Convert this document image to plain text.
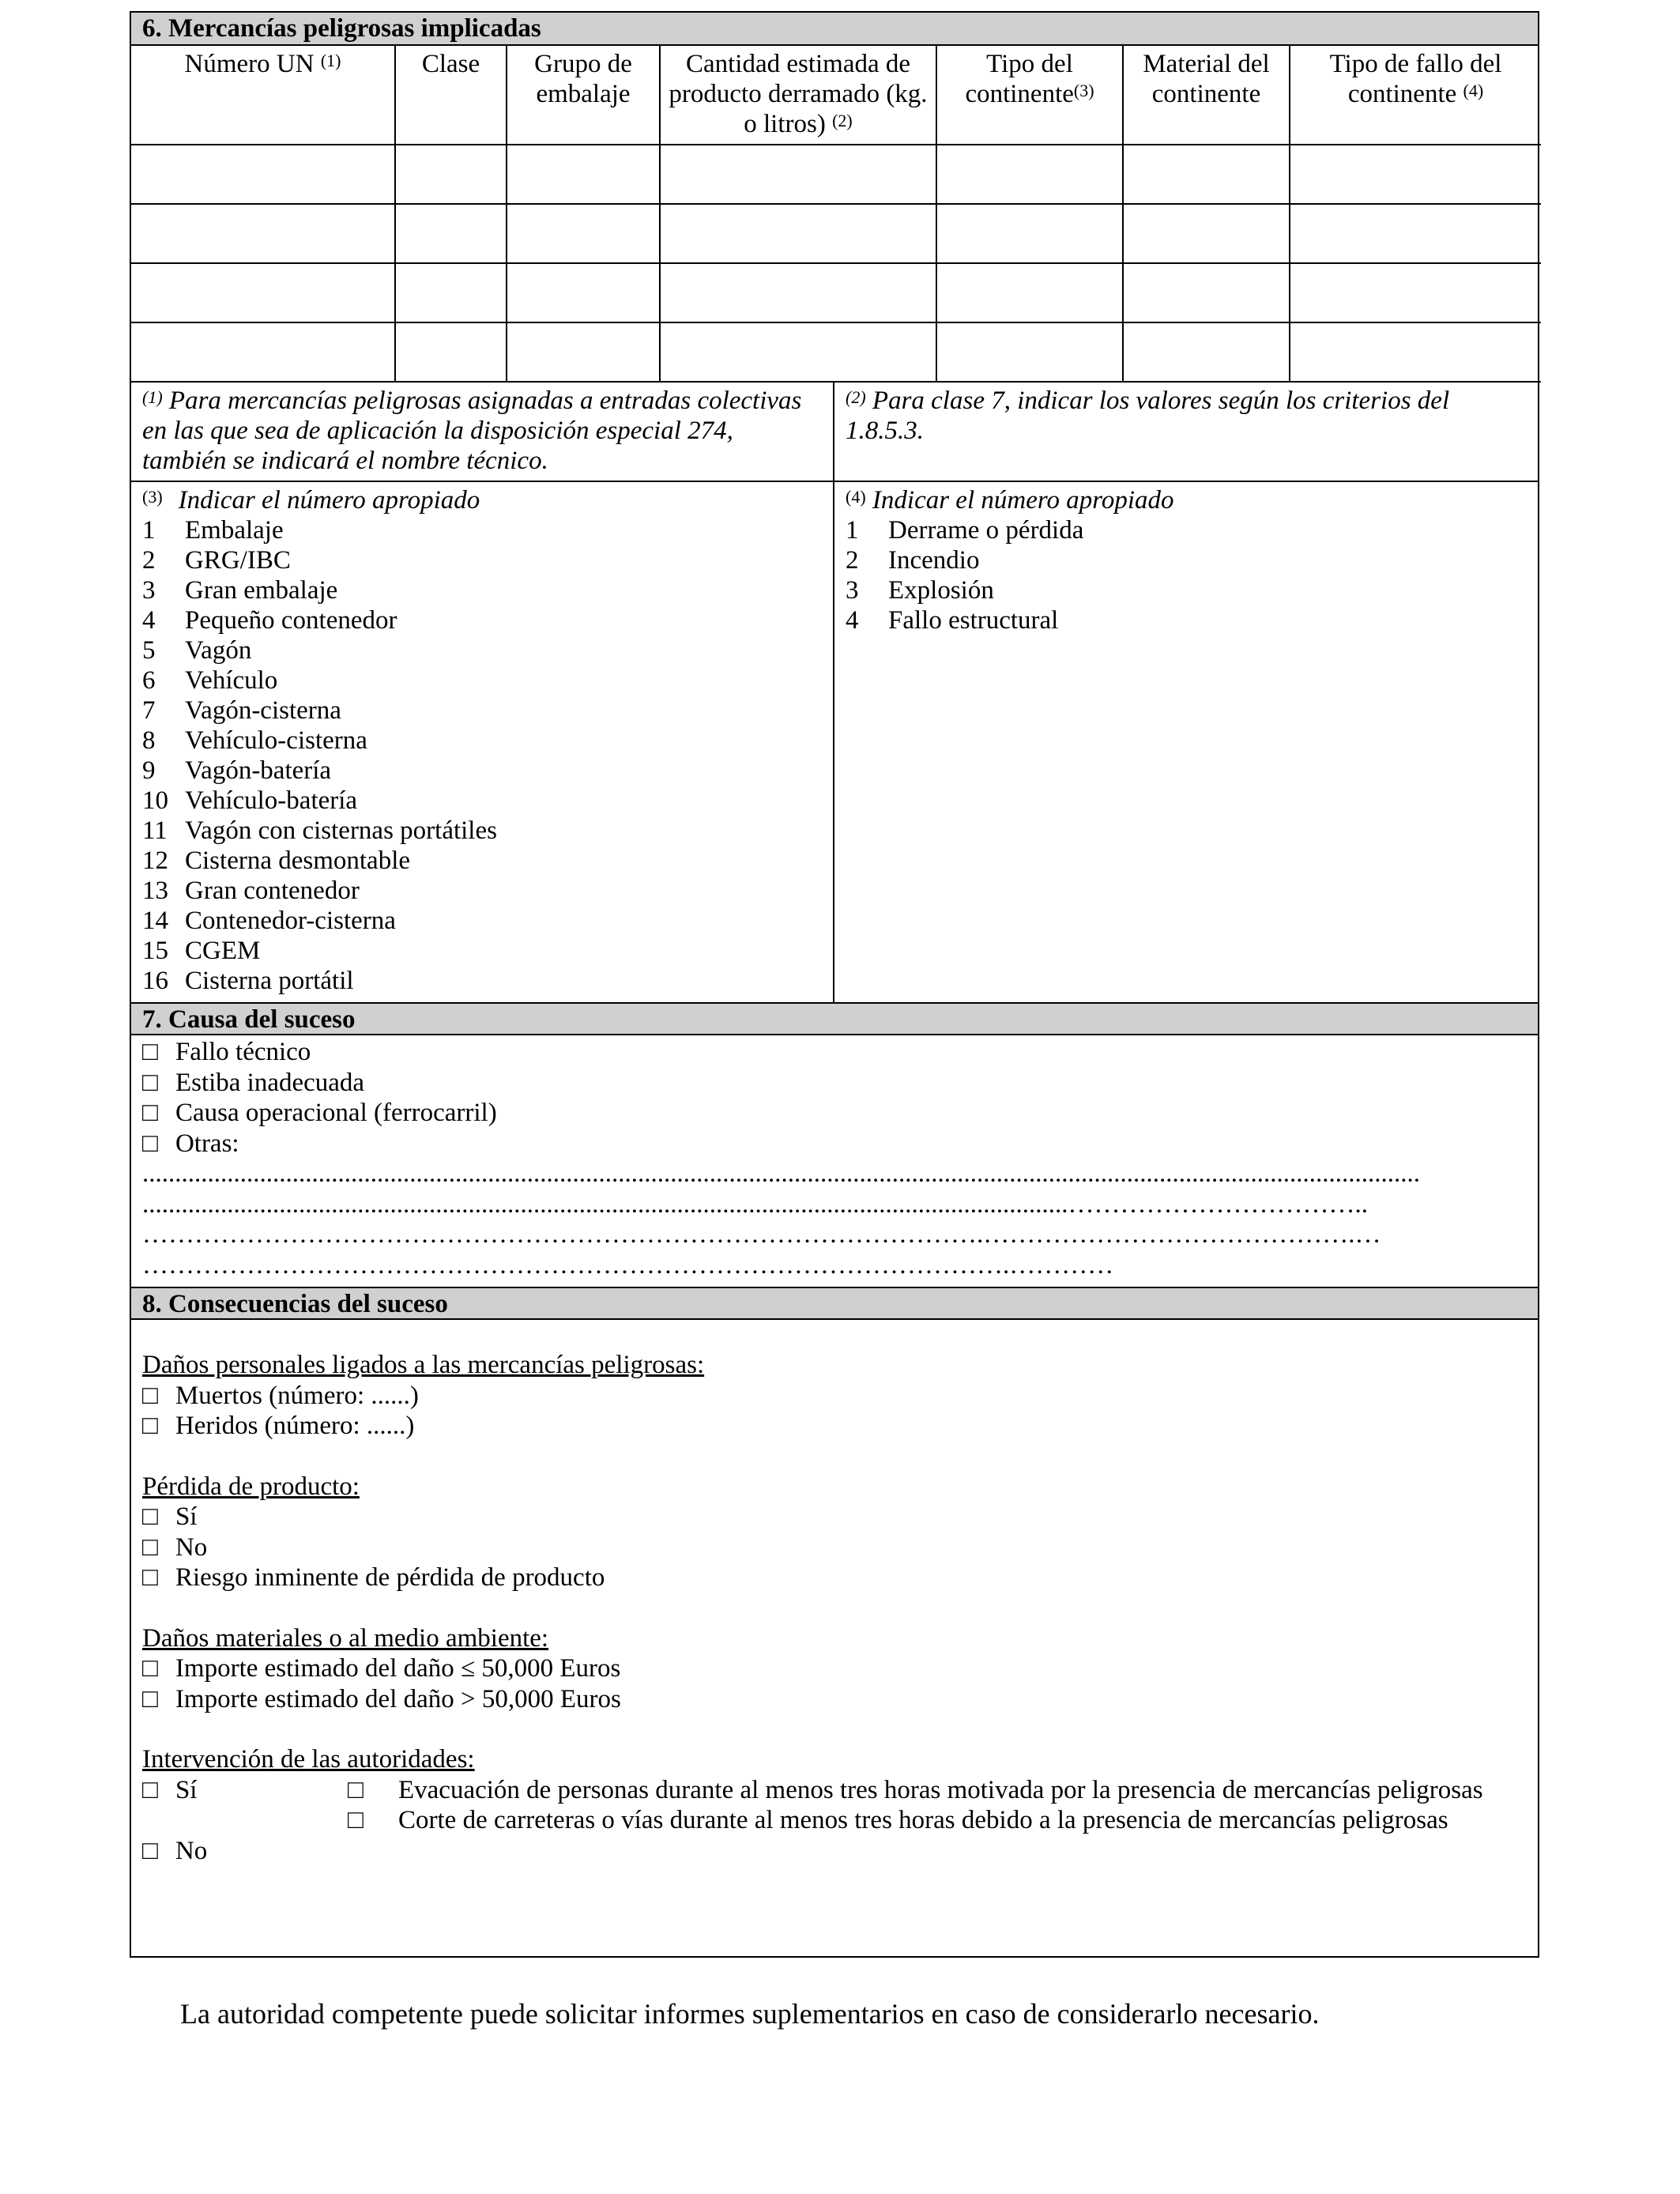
6. Mercancías peligrosas implicadas
Número UN $^{(1)}$	Clase	Grupo de embalaje	Cantidad estimada de producto derramado (kg. o litros) $^{(2)}$	Tipo del continente$^{(3)}$	Material del continente	Tipo de fallo del continente $^{(4)}$

$^{(1)}$ Para mercancías peligrosas asignadas a entradas colectivas en las que sea de aplicación la disposición especial 274, también se indicará el nombre técnico.
$^{(2)}$ Para clase 7, indicar los valores según los criterios del 1.8.5.3.
$^{(3)}$ Indicar el número apropiado
1	Embalaje
2	GRG/IBC
3	Gran embalaje
4	Pequeño contenedor
5	Vagón
6	Vehículo
7	Vagón-cisterna
8	Vehículo-cisterna
9	Vagón-batería
10 Vehículo-batería
11 Vagón con cisternas portátiles
12 Cisterna desmontable
13 Gran contenedor
14 Contenedor-cisterna
15 CGEM
16 Cisterna portátil
$^{(4)}$ Indicar el número apropiado
1	Derrame o pérdida
2	Incendio
3	Explosión
4	Fallo estructural
7. Causa del suceso
□ Fallo técnico
□ Estiba inadecuada
□ Causa operacional (ferrocarril)
□ Otras:
....................................................................................................................................................................................................
..............................................................................................................................................……………………………..
…………………………………………………………………………………….…………………………………….…
……………………………………………………………………………………….…………
8. Consecuencias del suceso
Daños personales ligados a las mercancías peligrosas:
□ Muertos (número: ......)
□ Heridos (número: ......)
Pérdida de producto:
□ Sí
□ No
□ Riesgo inminente de pérdida de producto
Daños materiales o al medio ambiente:
□ Importe estimado del daño ≤ 50,000 Euros
□ Importe estimado del daño > 50,000 Euros
Intervención de las autoridades:
□ Sí	□	Evacuación de personas durante al menos tres horas motivada por la presencia de mercancías peligrosas
□	Corte de carreteras o vías durante al menos tres horas debido a la presencia de mercancías peligrosas
□ No
La autoridad competente puede solicitar informes suplementarios en caso de considerarlo necesario.
